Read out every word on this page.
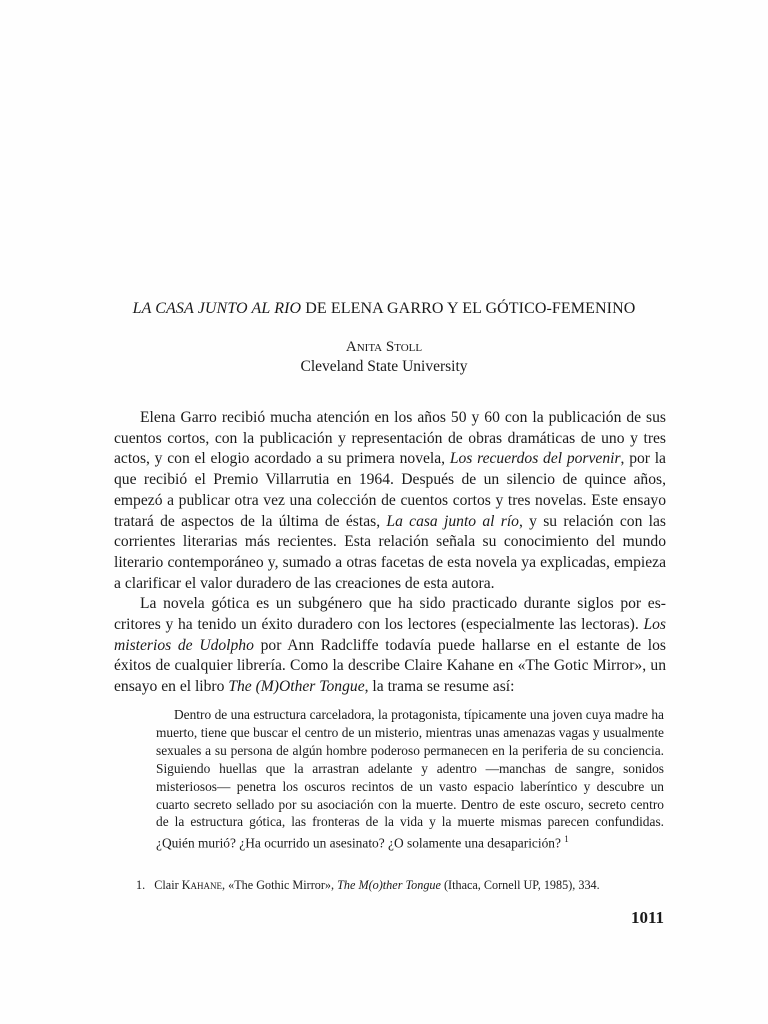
LA CASA JUNTO AL RIO DE ELENA GARRO Y EL GÓTICO-FEMENINO
Anita Stoll
Cleveland State University

Elena Garro recibió mucha atención en los años 50 y 60 con la publicación de sus cuentos cortos, con la publicación y representación de obras dramáticas de uno y tres actos, y con el elogio acordado a su primera novela, Los recuerdos del porvenir, por la que recibió el Premio Villarrutia en 1964. Después de un silencio de quince años, empezó a publicar otra vez una colección de cuentos cortos y tres novelas. Este ensayo tratará de aspectos de la última de éstas, La casa junto al río, y su relación con las corrientes literarias más recientes. Esta relación señala su conocimiento del mundo literario contemporáneo y, sumado a otras facetas de esta novela ya explicadas, empieza a clarificar el valor duradero de las creaciones de esta autora.

La novela gótica es un subgénero que ha sido practicado durante siglos por escritores y ha tenido un éxito duradero con los lectores (especialmente las lectoras). Los misterios de Udolpho por Ann Radcliffe todavía puede hallarse en el estante de los éxitos de cualquier librería. Como la describe Claire Kahane en «The Gotic Mirror», un ensayo en el libro The (M)Other Tongue, la trama se resume así:

Dentro de una estructura carceladora, la protagonista, típicamente una joven cuya madre ha muerto, tiene que buscar el centro de un misterio, mientras unas amenazas vagas y usualmente sexuales a su persona de algún hombre poderoso permanecen en la periferia de su conciencia. Siguiendo huellas que la arrastran adelante y adentro —manchas de sangre, sonidos misteriosos— penetra los oscuros recintos de un vasto espacio laberíntico y descubre un cuarto secreto sellado por su asociación con la muerte. Dentro de este oscuro, secreto centro de la estructura gótica, las fronteras de la vida y la muerte mismas parecen confundidas. ¿Quién murió? ¿Ha ocurrido un asesinato? ¿O solamente una desaparición? $^1$

1. Clair Kahane, «The Gothic Mirror», The M(o)ther Tongue (Ithaca, Cornell UP, 1985), 334.
1011
